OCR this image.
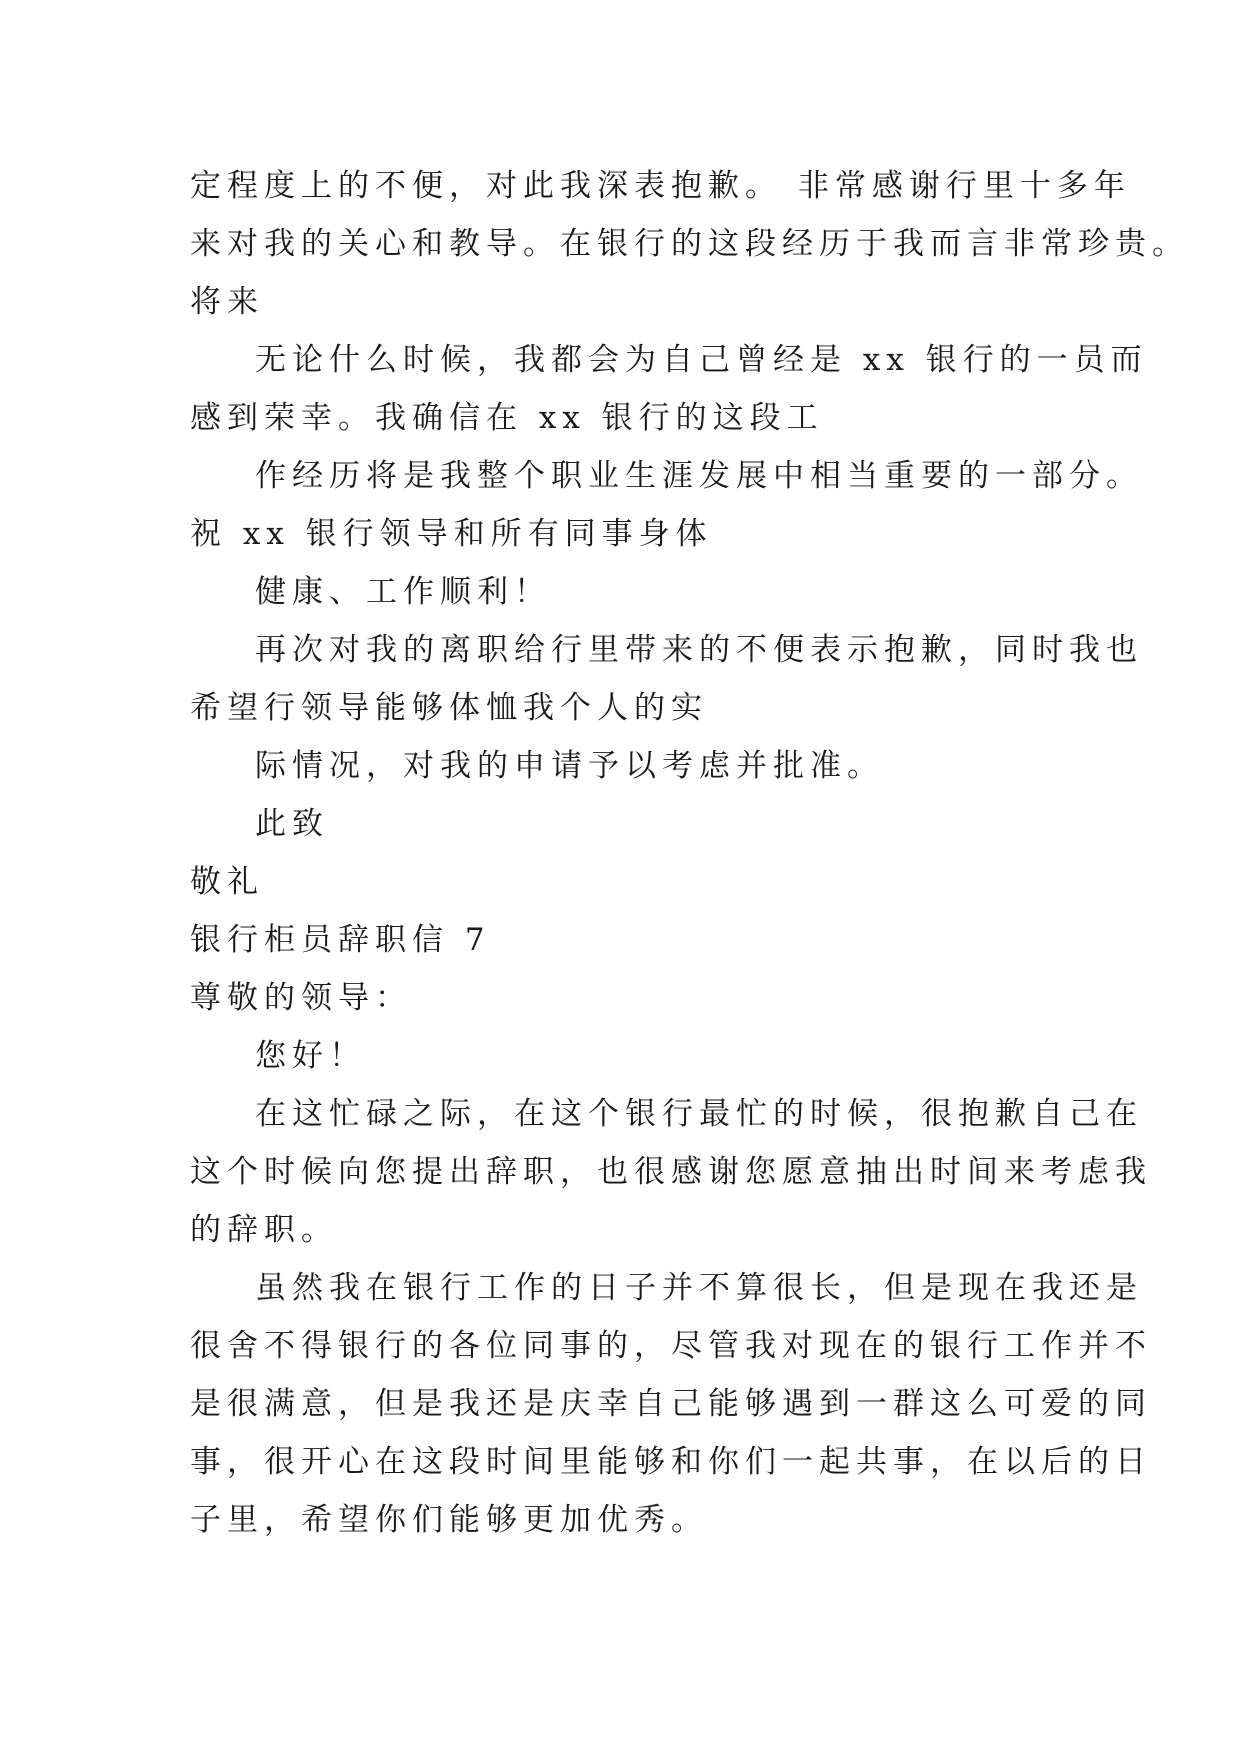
定程度上的不便，对此我深表抱歉。 非常感谢行里十多年
来对我的关心和教导。在银行的这段经历于我而言非常珍贵。
将来
无论什么时候，我都会为自己曾经是 xx 银行的一员而
感到荣幸。我确信在 xx 银行的这段工
作经历将是我整个职业生涯发展中相当重要的一部分。
祝 xx 银行领导和所有同事身体
健康、工作顺利！
再次对我的离职给行里带来的不便表示抱歉，同时我也
希望行领导能够体恤我个人的实
际情况，对我的申请予以考虑并批准。
此致
敬礼
银行柜员辞职信 7
尊敬的领导：
您好！
在这忙碌之际，在这个银行最忙的时候，很抱歉自己在
这个时候向您提出辞职，也很感谢您愿意抽出时间来考虑我
的辞职。
虽然我在银行工作的日子并不算很长，但是现在我还是
很舍不得银行的各位同事的，尽管我对现在的银行工作并不
是很满意，但是我还是庆幸自己能够遇到一群这么可爱的同
事，很开心在这段时间里能够和你们一起共事，在以后的日
子里，希望你们能够更加优秀。
